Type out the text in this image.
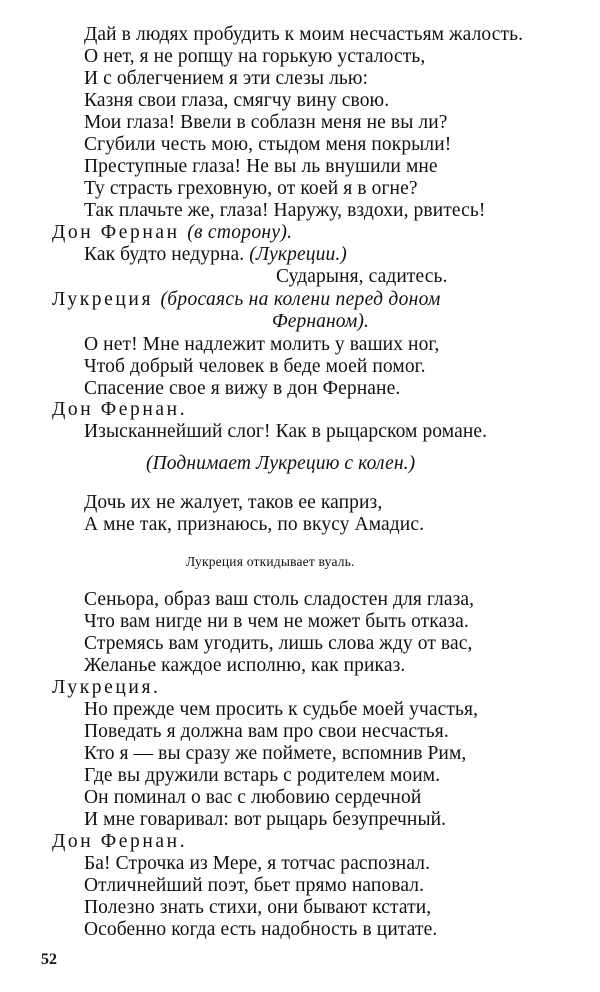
Дай в людях пробудить к моим несчастьям жалость.
О нет, я не ропщу на горькую усталость,
И с облегчением я эти слезы лью:
Казня свои глаза, смягчу вину свою.
Мои глаза! Ввели в соблазн меня не вы ли?
Сгубили честь мою, стыдом меня покрыли!
Преступные глаза! Не вы ль внушили мне
Ту страсть греховную, от коей я в огне?
Так плачьте же, глаза! Наружу, вздохи, рвитесь!
Дон Фернан (в сторону).
Как будто недурна. (Лукреции.)
Сударыня, садитесь.
Лукреция (бросаясь на колени перед доном
Фернаном).
О нет! Мне надлежит молить у ваших ног,
Чтоб добрый человек в беде моей помог.
Спасение свое я вижу в дон Фернане.
Дон Фернан.
Изысканнейший слог! Как в рыцарском романе.
(Поднимает Лукрецию с колен.)
Дочь их не жалует, таков ее каприз,
А мне так, признаюсь, по вкусу Амадис.
Лукреция откидывает вуаль.
Сеньора, образ ваш столь сладостен для глаза,
Что вам нигде ни в чем не может быть отказа.
Стремясь вам угодить, лишь слова жду от вас,
Желанье каждое исполню, как приказ.
Лукреция.
Но прежде чем просить к судьбе моей участья,
Поведать я должна вам про свои несчастья.
Кто я — вы сразу же поймете, вспомнив Рим,
Где вы дружили встарь с родителем моим.
Он поминал о вас с любовию сердечной
И мне говаривал: вот рыцарь безупречный.
Дон Фернан.
Ба! Строчка из Мере, я тотчас распознал.
Отличнейший поэт, бьет прямо наповал.
Полезно знать стихи, они бывают кстати,
Особенно когда есть надобность в цитате.
52
